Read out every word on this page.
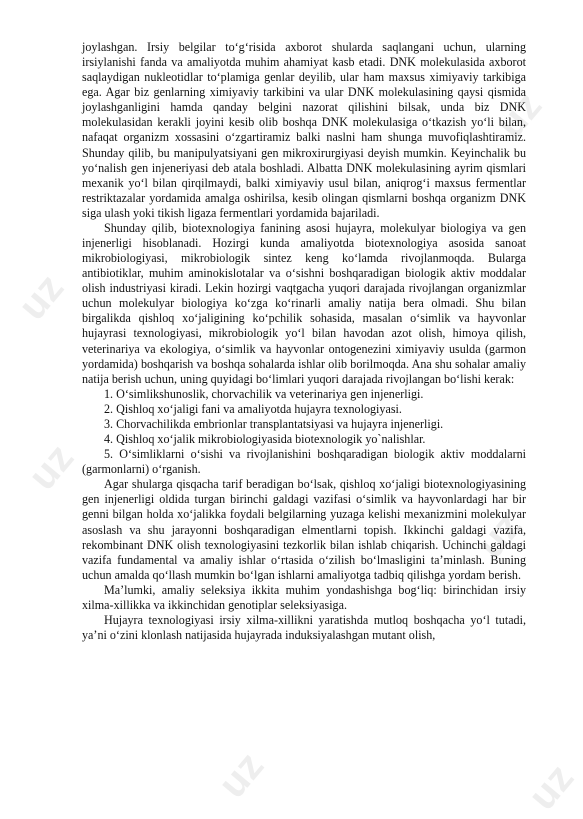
uz
uz
uz
uz
uz	uz

joylashgan. Irsiy belgilar to‘g‘risida axborot shularda saqlangani uchun, ularning irsiylanishi fanda va amaliyotda muhim ahamiyat kasb etadi. DNK molekulasida axborot saqlaydigan nukleotidlar to‘plamiga genlar deyilib, ular ham maxsus ximiyaviy tarkibiga ega. Agar biz genlarning ximiyaviy tarkibini va ular DNK molekulasining qaysi qismida joylashganligini hamda qanday belgini nazorat qilishini bilsak, unda biz DNK molekulasidan kerakli joyini kesib olib boshqa DNK molekulasiga o‘tkazish yo‘li bilan, nafaqat organizm xossasini o‘zgartiramiz balki naslni ham shunga muvofiqlashtiramiz. Shunday qilib, bu manipulyatsiyani gen mikroxirurgiyasi deyish mumkin. Keyinchalik bu yo‘nalish gen injeneriyasi deb atala boshladi. Albatta DNK molekulasining ayrim qismlari mexanik yo‘l bilan qirqilmaydi, balki ximiyaviy usul bilan, aniqrog‘i maxsus fermentlar restriktazalar yordamida amalga oshirilsa, kesib olingan qismlarni boshqa organizm DNK siga ulash yoki tikish ligaza fermentlari yordamida bajariladi.

Shunday qilib, biotexnologiya fanining asosi hujayra, molekulyar biologiya va gen injenerligi hisoblanadi. Hozirgi kunda amaliyotda biotexnologiya asosida sanoat mikrobiologiyasi, mikrobiologik sintez keng ko‘lamda rivojlanmoqda. Bularga antibiotiklar, muhim aminokislotalar va o‘sishni boshqaradigan biologik aktiv moddalar olish industriyasi kiradi. Lekin hozirgi vaqtgacha yuqori darajada rivojlangan organizmlar uchun molekulyar biologiya ko‘zga ko‘rinarli amaliy natija bera olmadi. Shu bilan birgalikda qishloq xo‘jaligining ko‘pchilik sohasida, masalan o‘simlik va hayvonlar hujayrasi texnologiyasi, mikrobiologik yo‘l bilan havodan azot olish, himoya qilish, veterinariya va ekologiya, o‘simlik va hayvonlar ontogenezini ximiyaviy usulda (garmon yordamida) boshqarish va boshqa sohalarda ishlar olib borilmoqda. Ana shu sohalar amaliy natija berish uchun, uning quyidagi bo‘limlari yuqori darajada rivojlangan bo‘lishi kerak:

1. O‘simlikshunoslik, chorvachilik va veterinariya gen injenerligi.

2. Qishloq xo‘jaligi fani va amaliyotda hujayra texnologiyasi.

3. Chorvachilikda embrionlar transplantatsiyasi va hujayra injenerligi.

4. Qishloq xo‘jalik mikrobiologiyasida biotexnologik yo`nalishlar.

5. O‘simliklarni o‘sishi va rivojlanishini boshqaradigan biologik aktiv moddalarni (garmonlarni) o‘rganish.

Agar shularga qisqacha tarif beradigan bo‘lsak, qishloq xo‘jaligi biotexnologiyasining gen injenerligi oldida turgan birinchi galdagi vazifasi o‘simlik va hayvonlardagi har bir genni bilgan holda xo‘jalikka foydali belgilarning yuzaga kelishi mexanizmini molekulyar asoslash va shu jarayonni boshqaradigan elmentlarni topish. Ikkinchi galdagi vazifa, rekombinant DNK olish texnologiyasini tezkorlik bilan ishlab chiqarish. Uchinchi galdagi vazifa fundamental va amaliy ishlar o‘rtasida o‘zilish bo‘lmasligini ta’minlash. Buning uchun amalda qo‘llash mumkin bo‘lgan ishlarni amaliyotga tadbiq qilishga yordam berish.

Ma’lumki, amaliy seleksiya ikkita muhim yondashishga bog‘liq: birinchidan irsiy xilma-xillikka va ikkinchidan genotiplar seleksiyasiga.

Hujayra texnologiyasi irsiy xilma-xillikni yaratishda mutloq boshqacha yo‘l tutadi, ya’ni o‘zini klonlash natijasida hujayrada induksiyalashgan mutant olish,
